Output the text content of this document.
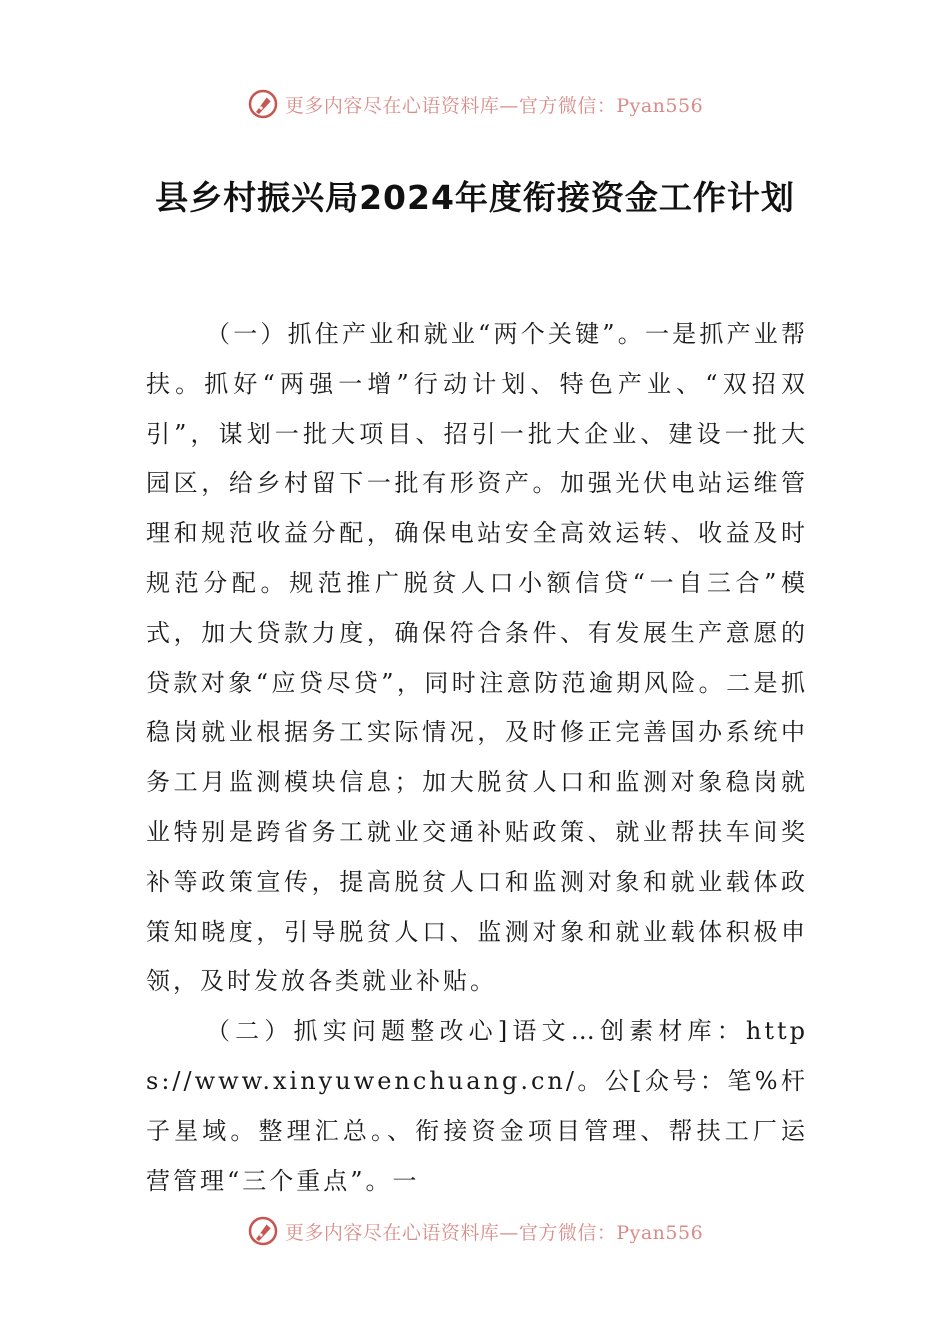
更多内容尽在心语资料库—官方微信：Pyan556
县乡村振兴局2024年度衔接资金工作计划

（一）抓住产业和就业“两个关键”。一是抓产业帮扶。抓好“两强一增”行动计划、特色产业、“双招双引”，谋划一批大项目、招引一批大企业、建设一批大园区，给乡村留下一批有形资产。加强光伏电站运维管理和规范收益分配，确保电站安全高效运转、收益及时规范分配。规范推广脱贫人口小额信贷“一自三合”模式，加大贷款力度，确保符合条件、有发展生产意愿的贷款对象“应贷尽贷”，同时注意防范逾期风险。二是抓稳岗就业根据务工实际情况，及时修正完善国办系统中务工月监测模块信息；加大脱贫人口和监测对象稳岗就业特别是跨省务工就业交通补贴政策、就业帮扶车间奖补等政策宣传，提高脱贫人口和监测对象和就业载体政策知晓度，引导脱贫人口、监测对象和就业载体积极申领，及时发放各类就业补贴。

（二）抓实问题整改心]语文…创素材库：https://www.xinyuwenchuang.cn/。公[众号：笔%杆子星域。整理汇总。、衔接资金项目管理、帮扶工厂运营管理“三个重点”。一

更多内容尽在心语资料库—官方微信：Pyan556
